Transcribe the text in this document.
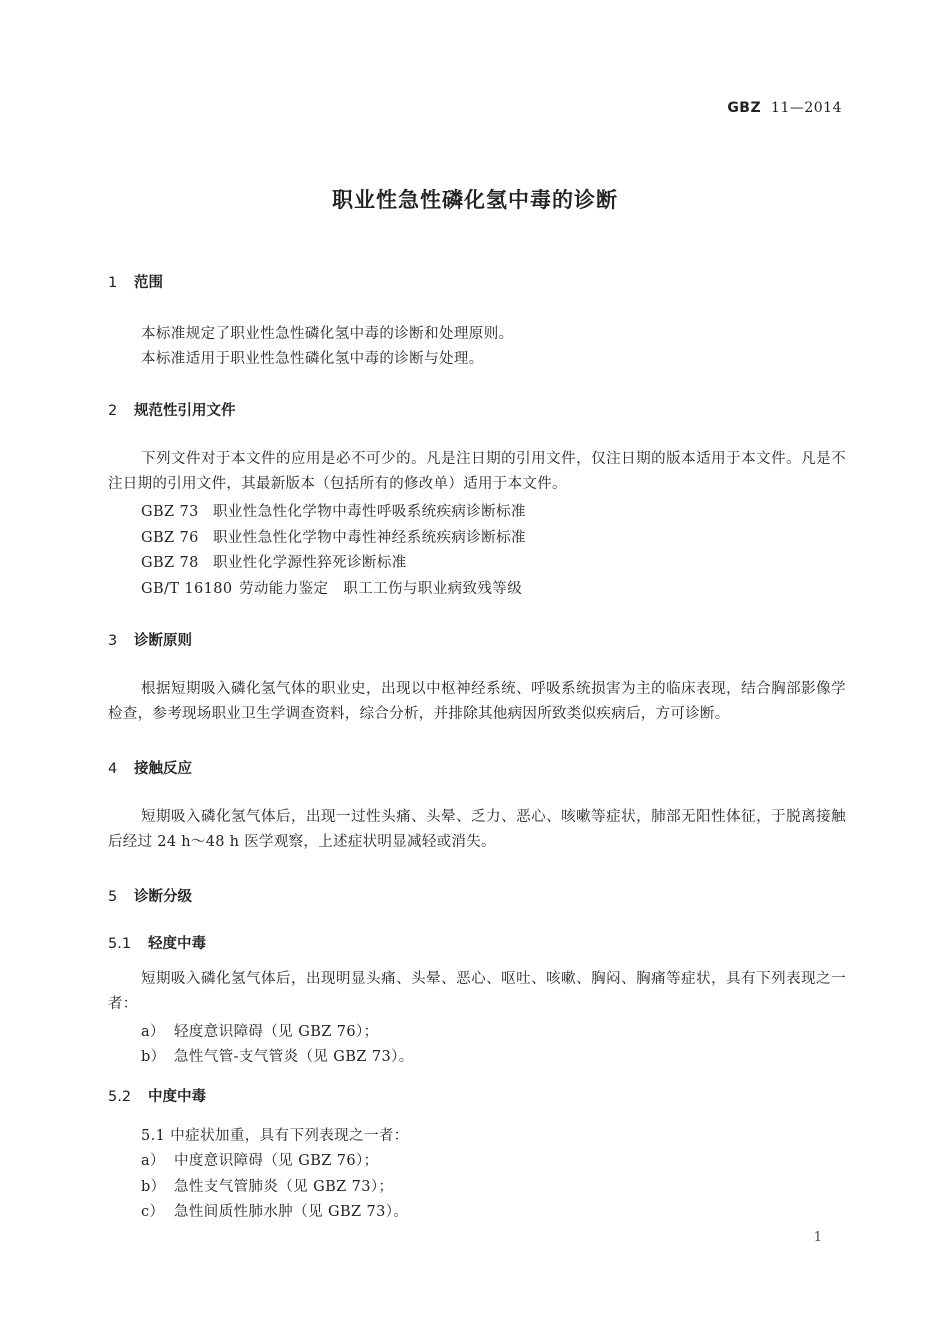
GBZ 11—2014
职业性急性磷化氢中毒的诊断
1 范围
本标准规定了职业性急性磷化氢中毒的诊断和处理原则。
本标准适用于职业性急性磷化氢中毒的诊断与处理。
2 规范性引用文件
下列文件对于本文件的应用是必不可少的。凡是注日期的引用文件，仅注日期的版本适用于本文件。凡是不注日期的引用文件，其最新版本（包括所有的修改单）适用于本文件。
GBZ 73 职业性急性化学物中毒性呼吸系统疾病诊断标准
GBZ 76 职业性急性化学物中毒性神经系统疾病诊断标准
GBZ 78 职业性化学源性猝死诊断标准
GB/T 16180 劳动能力鉴定　职工工伤与职业病致残等级
3 诊断原则
根据短期吸入磷化氢气体的职业史，出现以中枢神经系统、呼吸系统损害为主的临床表现，结合胸部影像学检查，参考现场职业卫生学调查资料，综合分析，并排除其他病因所致类似疾病后，方可诊断。
4 接触反应
短期吸入磷化氢气体后，出现一过性头痛、头晕、乏力、恶心、咳嗽等症状，肺部无阳性体征，于脱离接触后经过 24 h～48 h 医学观察，上述症状明显减轻或消失。
5 诊断分级
5.1 轻度中毒
短期吸入磷化氢气体后，出现明显头痛、头晕、恶心、呕吐、咳嗽、胸闷、胸痛等症状，具有下列表现之一者：
a） 轻度意识障碍（见 GBZ 76）；
b） 急性气管-支气管炎（见 GBZ 73）。
5.2 中度中毒
5.1 中症状加重，具有下列表现之一者：
a） 中度意识障碍（见 GBZ 76）；
b） 急性支气管肺炎（见 GBZ 73）；
c） 急性间质性肺水肿（见 GBZ 73）。
1
